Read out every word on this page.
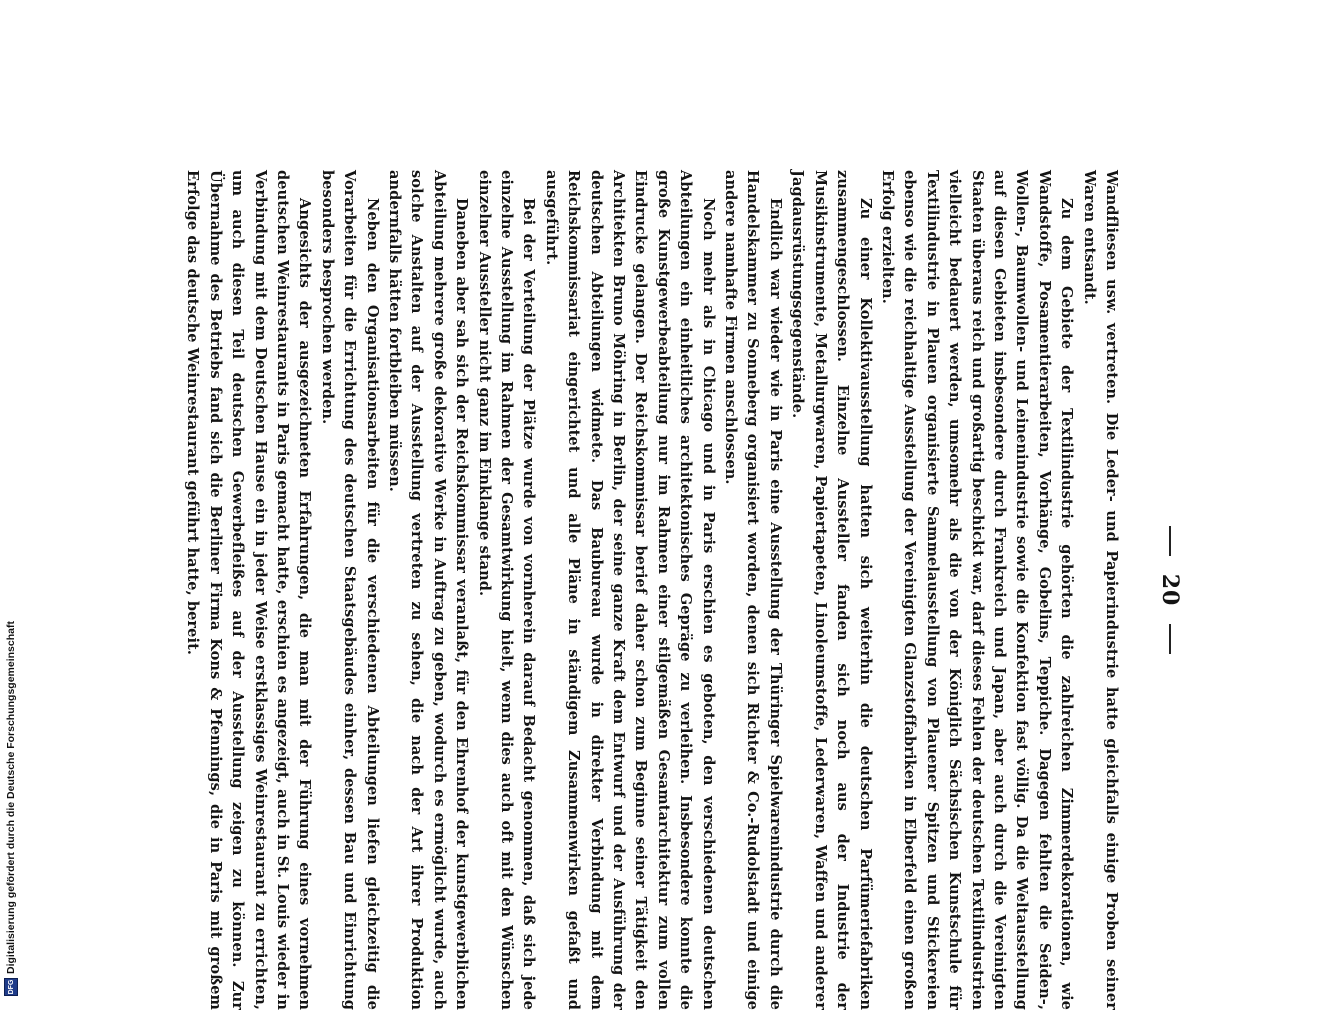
20

Wandfliesen usw. vertreten. Die Leder- und Papierindustrie hatte gleichfalls einige Proben seiner Waren entsandt.

Zu dem Gebiete der Textilindustrie gehörten die zahlreichen Zimmerdekorationen, wie Wandstoffe, Posamentierarbeiten, Vorhänge, Gobelins, Teppiche. Dagegen fehlten die Seiden-, Wollen-, Baumwollen- und Leinenindustrie sowie die Konfektion fast völlig. Da die Weltausstellung auf diesen Gebieten insbesondere durch Frankreich und Japan, aber auch durch die Vereinigten Staaten überaus reich und großartig beschickt war, darf dieses Fehlen der deutschen Textilindustrien vielleicht bedauert werden, umsomehr als die von der Königlich Sächsischen Kunstschule für Textilindustrie in Plauen organisierte Sammelausstellung von Plauener Spitzen und Stickereien ebenso wie die reichhaltige Ausstellung der Vereinigten Glanzstoffabriken in Elberfeld einen großen Erfolg erzielten.

Zu einer Kollektivausstellung hatten sich weiterhin die deutschen Parfümeriefabriken zusammengeschlossen. Einzelne Aussteller fanden sich noch aus der Industrie der Musikinstrumente, Metallurgwaren, Papiertapeten, Linoleumstoffe, Lederwaren, Waffen und anderer Jagdausrüstungsgegenstände.

Endlich war wieder wie in Paris eine Ausstellung der Thüringer Spielwarenindustrie durch die Handelskammer zu Sonneberg organisiert worden, denen sich Richter & Co.-Rudolstadt und einige andere namhafte Firmen anschlossen.

Noch mehr als in Chicago und in Paris erschien es geboten, den verschiedenen deutschen Abteilungen ein einheitliches architektonisches Gepräge zu verleihen. Insbesondere konnte die große Kunstgewerbeabteilung nur im Rahmen einer stilgemäßen Gesamtarchitektur zum vollen Eindrucke gelangen. Der Reichskommissar berief daher schon zum Beginne seiner Tätigkeit den Architekten Bruno Möhring in Berlin, der seine ganze Kraft dem Entwurf und der Ausführung der deutschen Abteilungen widmete. Das Baubureau wurde in direkter Verbindung mit dem Reichskommissariat eingerichtet und alle Pläne in ständigem Zusammenwirken gefaßt und ausgeführt.

Bei der Verteilung der Plätze wurde von vornherein darauf Bedacht genommen, daß sich jede einzelne Ausstellung im Rahmen der Gesamtwirkung hielt, wenn dies auch oft mit den Wünschen einzelner Aussteller nicht ganz im Einklange stand.

Daneben aber sah sich der Reichskommissar veranlaßt, für den Ehrenhof der kunstgewerblichen Abteilung mehrere große dekorative Werke in Auftrag zu geben, wodurch es ermöglicht wurde, auch solche Anstalten auf der Ausstellung vertreten zu sehen, die nach der Art ihrer Produktion andernfalls hätten fortbleiben müssen.

Neben den Organisationsarbeiten für die verschiedenen Abteilungen liefen gleichzeitig die Vorarbeiten für die Errichtung des deutschen Staatsgebäudes einher, dessen Bau und Einrichtung besonders besprochen werden.

Angesichts der ausgezeichneten Erfahrungen, die man mit der Führung eines vornehmen deutschen Weinrestaurants in Paris gemacht hatte, erschien es angezeigt, auch in St. Louis wieder in Verbindung mit dem Deutschen Hause ein in jeder Weise erstklassiges Weinrestaurant zu errichten, um auch diesen Teil deutschen Gewerbefleißes auf der Ausstellung zeigen zu können. Zur Übernahme des Betriebs fand sich die Berliner Firma Kons & Pfennings, die in Paris mit großem Erfolge das deutsche Weinrestaurant geführt hatte, bereit.

DFG
Digitalisierung gefördert durch die Deutsche Forschungsgemeinschaft
